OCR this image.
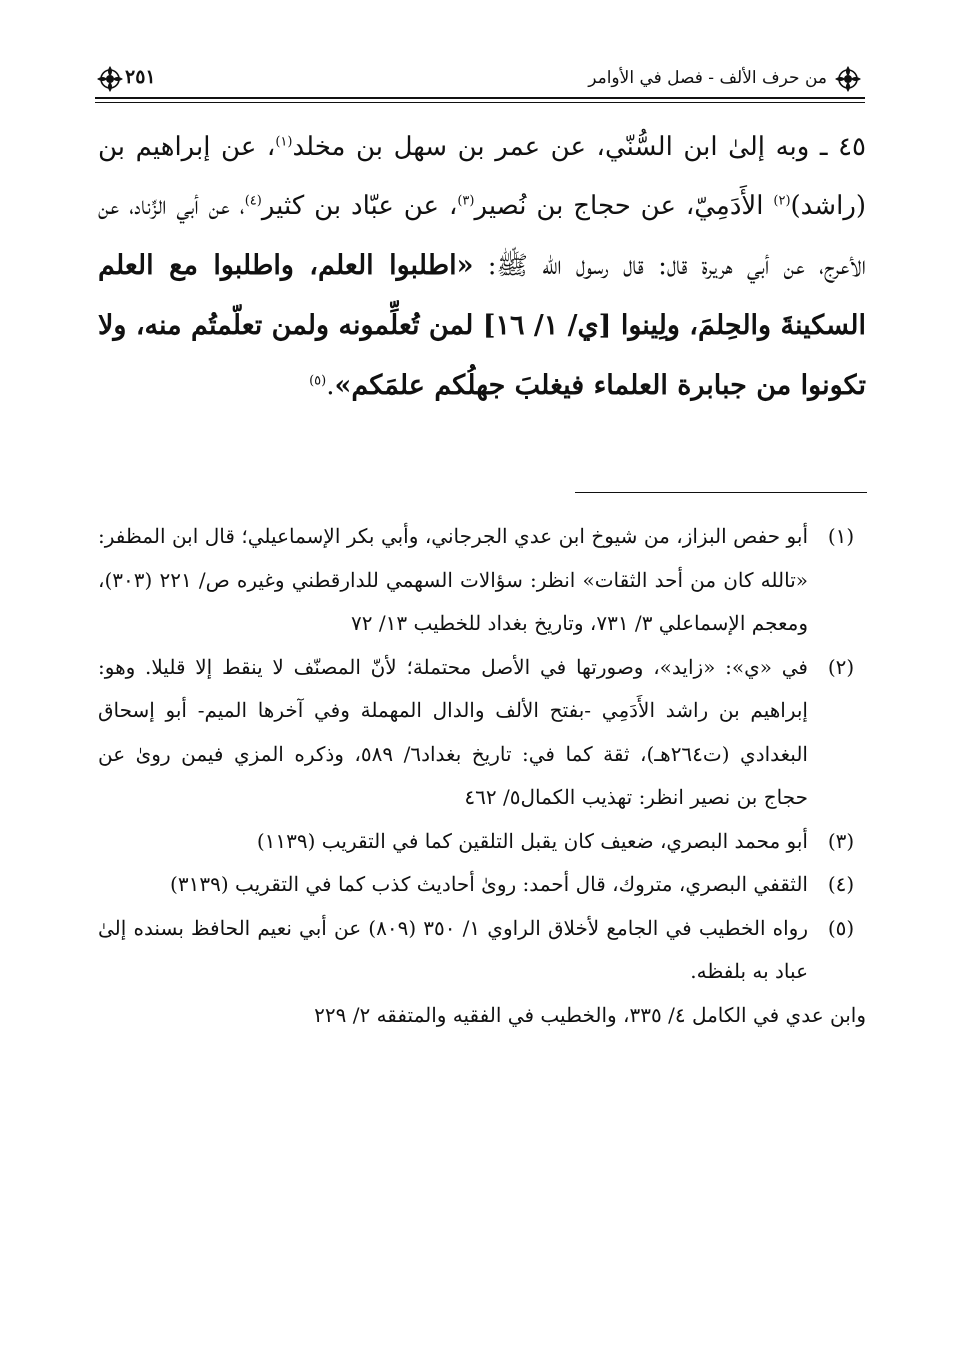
من حرف الألف - فصل في الأوامر
٢٥١

٤٥ ـ وبه إلىٰ ابن السُّنّي، عن عمر بن سهل بن مخلد$^{(١)}$، عن إبراهيم بن (راشد)$^{(٢)}$ الأَدَمِيّ، عن حجاج بن نُصير$^{(٣)}$، عن عبّاد بن كثير$^{(٤)}$، عن أبي الزِّناد، عن الأعرج، عن أبي هريرة قال: قال رسول الله ﷺ: «اطلبوا العلم، واطلبوا مع العلم السكينةَ والحِلمَ، ولِينوا [ي/ ١/ ١٦] لمن تُعلِّمونه ولمن تعلّمتُم منه، ولا تكونوا من جبابرة العلماء فيغلبَ جهلُكم علمَكم».$^{(٥)}$

(١)
أبو حفص البزاز، من شيوخ ابن عدي الجرجاني، وأبي بكر الإسماعيلي؛ قال ابن المظفر: «تالله كان من أحد الثقات» انظر: سؤالات السهمي للدارقطني وغيره ص/ ٢٢١ (٣٠٣)، ومعجم الإسماعلي ٣/ ٧٣١، وتاريخ بغداد للخطيب ١٣/ ٧٢
(٢)
في «ي»: «زايد»، وصورتها في الأصل محتملة؛ لأنّ المصنّف لا ينقط إلا قليلا. وهو: إبراهيم بن راشد الأَدَمِي -بفتح الألف والدال المهملة وفي آخرها الميم- أبو إسحاق البغدادي (ت٢٦٤هـ)، ثقة كما في: تاريخ بغداد٦/ ٥٨٩، وذكره المزي فيمن روىٰ عن حجاج بن نصير انظر: تهذيب الكمال٥/ ٤٦٢
(٣)
أبو محمد البصري، ضعيف كان يقبل التلقين كما في التقريب (١١٣٩)
(٤)
الثقفي البصري، متروك، قال أحمد: روىٰ أحاديث كذب كما في التقريب (٣١٣٩)
(٥)
رواه الخطيب في الجامع لأخلاق الراوي ١/ ٣٥٠ (٨٠٩) عن أبي نعيم الحافظ بسنده إلىٰ عباد به بلفظه.
وابن عدي في الكامل ٤/ ٣٣٥، والخطيب في الفقيه والمتفقه ٢/ ٢٢٩
